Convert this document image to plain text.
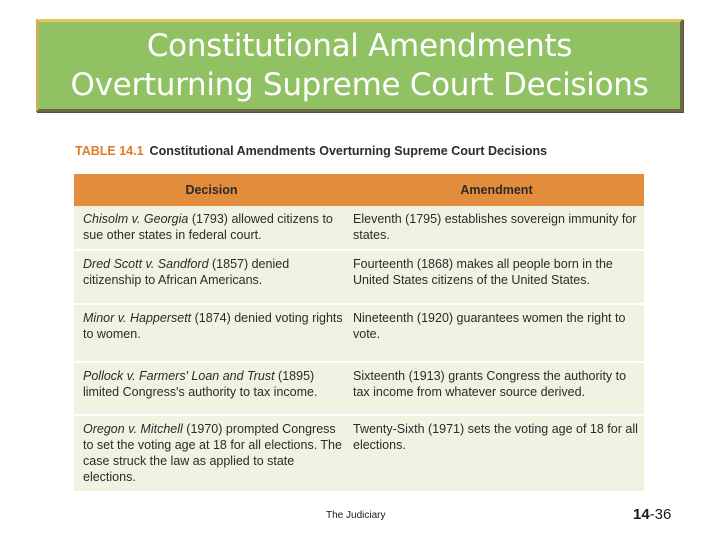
Constitutional Amendments
Overturning Supreme Court Decisions
TABLE 14.1 Constitutional Amendments Overturning Supreme Court Decisions
Decision	Amendment
Chisolm v. Georgia (1793) allowed citizens to sue other states in federal court.
Eleventh (1795) establishes sovereign immunity for states.
Dred Scott v. Sandford (1857) denied citizenship to African Americans.
Fourteenth (1868) makes all people born in the United States citizens of the United States.
Minor v. Happersett (1874) denied voting rights to women.
Nineteenth (1920) guarantees women the right to vote.
Pollock v. Farmers' Loan and Trust (1895) limited Congress's authority to tax income.
Sixteenth (1913) grants Congress the authority to tax income from whatever source derived.
Oregon v. Mitchell (1970) prompted Congress to set the voting age at 18 for all elections. The case struck the law as applied to state elections.
Twenty-Sixth (1971) sets the voting age of 18 for all elections.
The Judiciary	14-36
